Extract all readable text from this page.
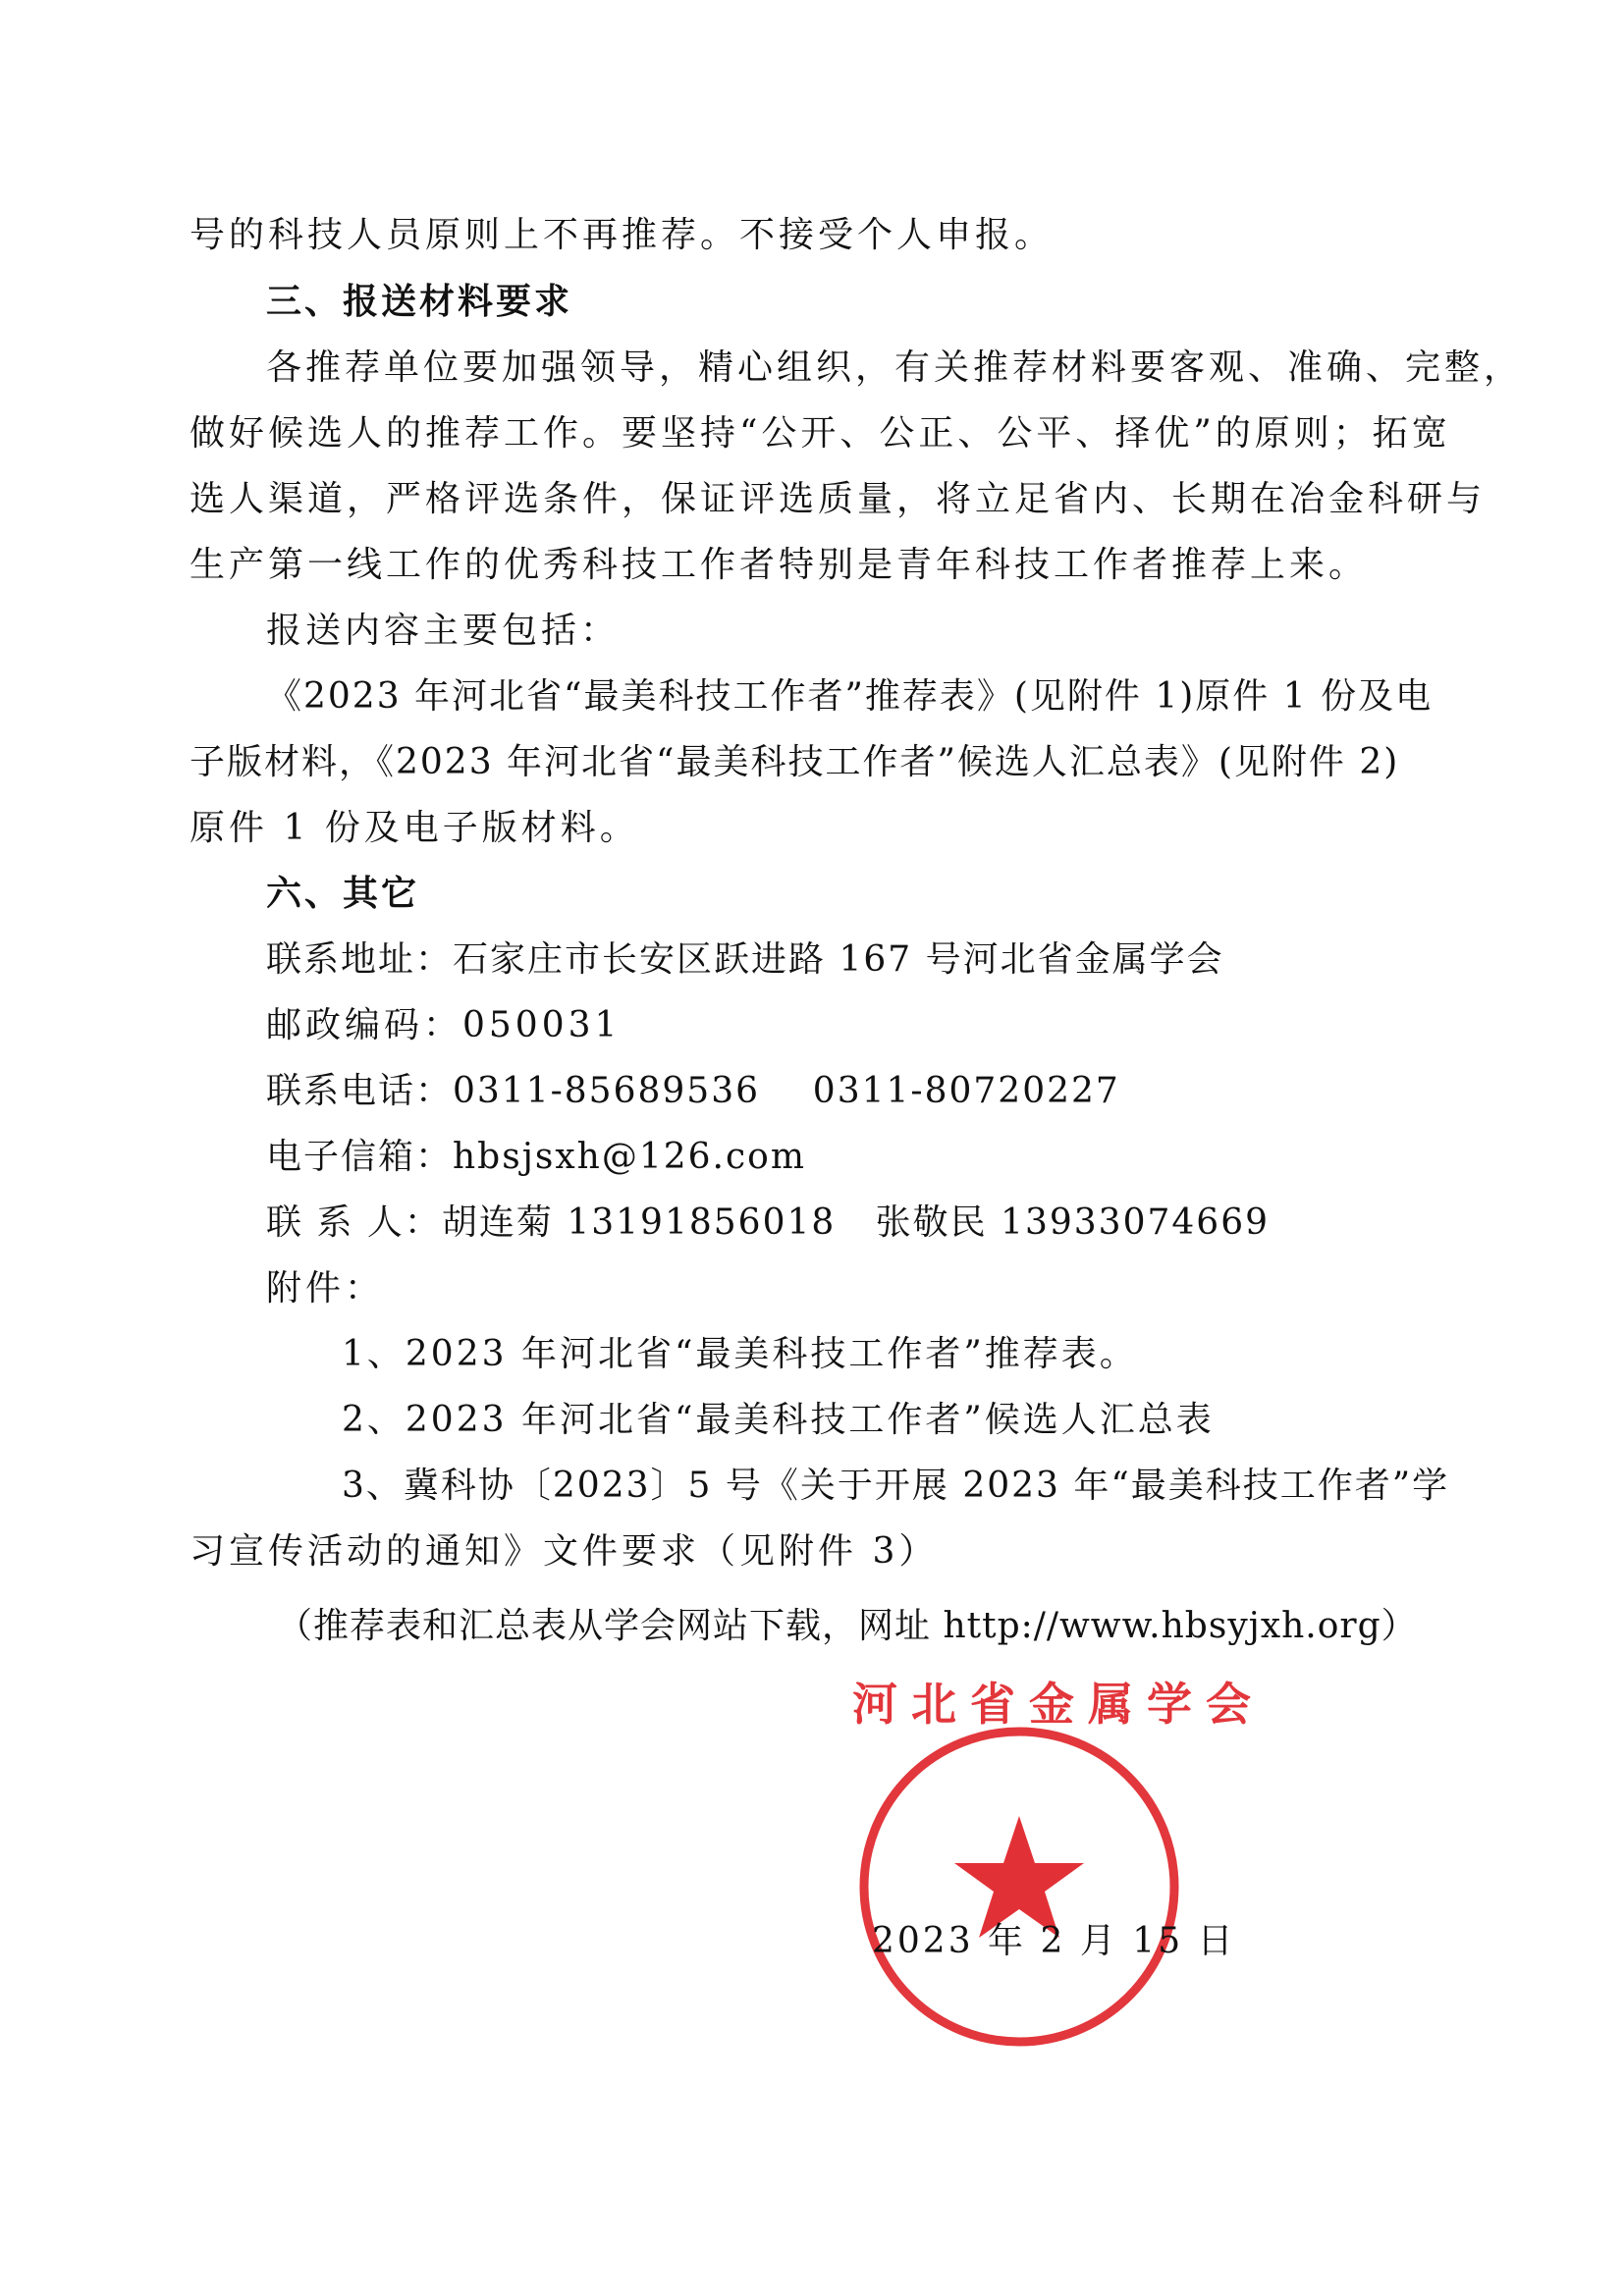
号的科技人员原则上不再推荐。不接受个人申报。
三、报送材料要求
各推荐单位要加强领导，精心组织，有关推荐材料要客观、准确、完整，
做好候选人的推荐工作。要坚持“公开、公正、公平、择优”的原则；拓宽
选人渠道，严格评选条件，保证评选质量，将立足省内、长期在冶金科研与
生产第一线工作的优秀科技工作者特别是青年科技工作者推荐上来。
报送内容主要包括：
《2023 年河北省“最美科技工作者”推荐表》(见附件 1)原件 1 份及电
子版材料，《2023 年河北省“最美科技工作者”候选人汇总表》(见附件 2)
原件 1 份及电子版材料。
六、其它
联系地址：石家庄市长安区跃进路 167 号河北省金属学会
邮政编码：050031
联系电话：0311-85689536    0311-80720227
电子信箱：hbsjsxh@126.com
联 系 人：胡连菊 13191856018   张敬民 13933074669
附件：
1、2023 年河北省“最美科技工作者”推荐表。
2、2023 年河北省“最美科技工作者”候选人汇总表
3、冀科协〔2023〕5 号《关于开展 2023 年“最美科技工作者”学
习宣传活动的通知》文件要求（见附件 3）
（推荐表和汇总表从学会网站下载，网址 http://www.hbsyjxh.org）
河北省金属学会
2023 年 2 月 15 日
